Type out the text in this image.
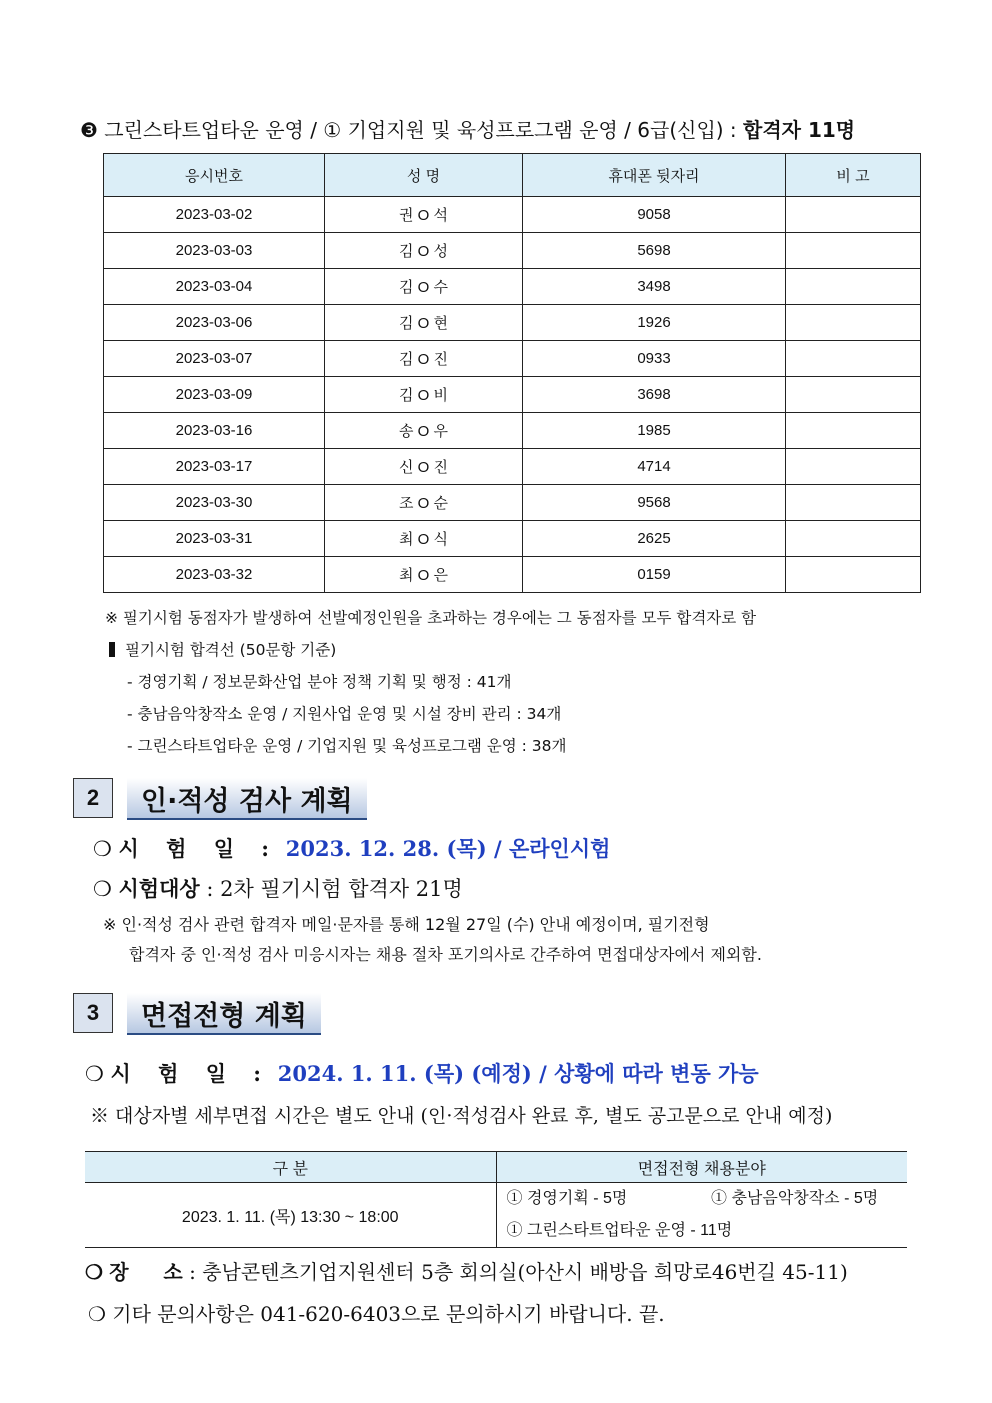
❸ 그린스타트업타운 운영 / ① 기업지원 및 육성프로그램 운영 / 6급(신입) : 합격자 11명
응시번호	성 명	휴대폰 뒷자리	비 고
2023-03-02	권 O 석	9058	
2023-03-03	김 O 성	5698	
2023-03-04	김 O 수	3498	
2023-03-06	김 O 현	1926	
2023-03-07	김 O 진	0933	
2023-03-09	김 O 비	3698	
2023-03-16	송 O 우	1985	
2023-03-17	신 O 진	4714	
2023-03-30	조 O 순	9568	
2023-03-31	최 O 식	2625	
2023-03-32	최 O 은	0159	
※ 필기시험 동점자가 발생하여 선발예정인원을 초과하는 경우에는 그 동점자를 모두 합격자로 함
필기시험 합격선 (50문항 기준)
- 경영기획 / 정보문화산업 분야 정책 기획 및 행정 : 41개
- 충남음악창작소 운영 / 지원사업 운영 및 시설 장비 관리 : 34개
- 그린스타트업타운 운영 / 기업지원 및 육성프로그램 운영 : 38개
2	인·적성 검사 계획
❍ 시 험 일 : 2023. 12. 28. (목) / 온라인시험
❍ 시험대상 : 2차 필기시험 합격자 21명
※ 인·적성 검사 관련 합격자 메일·문자를 통해 12월 27일 (수) 안내 예정이며, 필기전형
합격자 중 인·적성 검사 미응시자는 채용 절차 포기의사로 간주하여 면접대상자에서 제외함.
3	면접전형 계획
❍ 시 험 일 : 2024. 1. 11. (목) (예정) / 상황에 따라 변동 가능
※ 대상자별 세부면접 시간은 별도 안내 (인·적성검사 완료 후, 별도 공고문으로 안내 예정)
구 분	면접전형 채용분야
2023. 1. 11. (목) 13:30 ~ 18:00	① 경영기획 - 5명 ① 충남음악창작소 - 5명
① 그린스타트업타운 운영 - 11명
❍ 장     소 : 충남콘텐츠기업지원센터 5층 회의실(아산시 배방읍 희망로46번길 45-11)
❍ 기타 문의사항은 041-620-6403으로 문의하시기 바랍니다. 끝.
